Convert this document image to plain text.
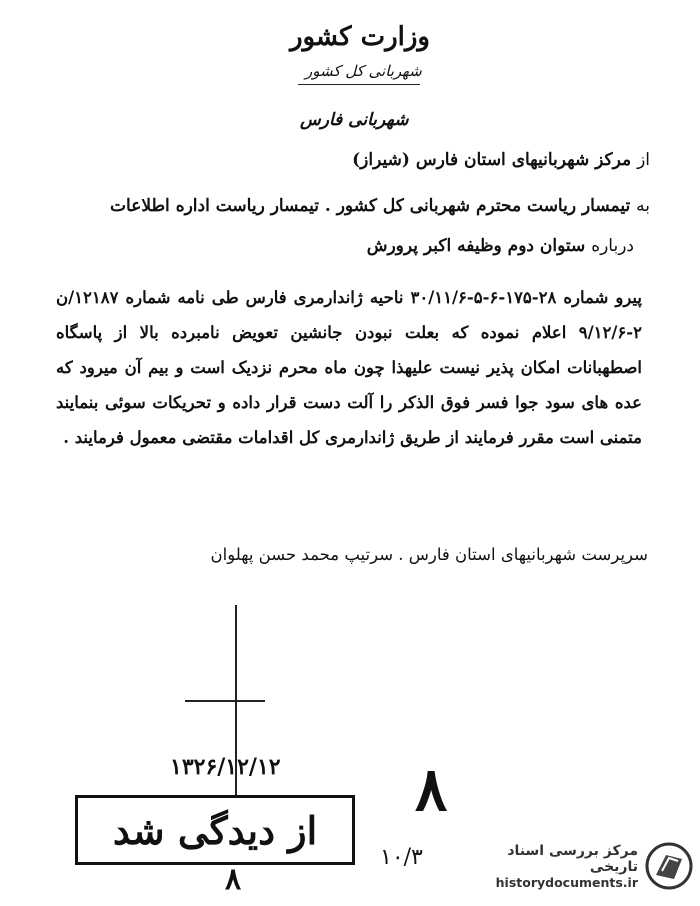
وزارت کشور
شهربانی کل کشور
شهربانی فارس
از مرکز شهربانیهای استان فارس (شیراز)
به تیمسار ریاست محترم شهربانی کل کشور . تیمسار ریاست اداره اطلاعات
درباره ستوان دوم وظیفه اکبر پرورش
پیرو شماره ۲۸-۱۷۵-۶-۵-۳۰/۱۱/۶ ناحیه ژاندارمری فارس طی نامه شماره ۱۲۱۸۷/ن ۲-۹/۱۲/۶ اعلام نموده که بعلت نبودن جانشین تعویض نامبرده بالا از پاسگاه اصطهبانات امکان پذیر نیست علیهذا چون ماه محرم نزدیک است و بیم آن میرود که عده های سود جوا فسر فوق الذکر را آلت دست قرار داده و تحریکات سوئی بنمایند متمنی است مقرر فرمایند از طریق ژاندارمری کل اقدامات مقتضی معمول فرمایند .
سرپرست شهربانیهای استان فارس . سرتیپ محمد حسن پهلوان
۱۳۲۶/۱۲/۱۲ ۸
از دیدگی شد
۸
۱۰/۳	مرکز بررسی اسناد تاریخی
historydocuments.ir
